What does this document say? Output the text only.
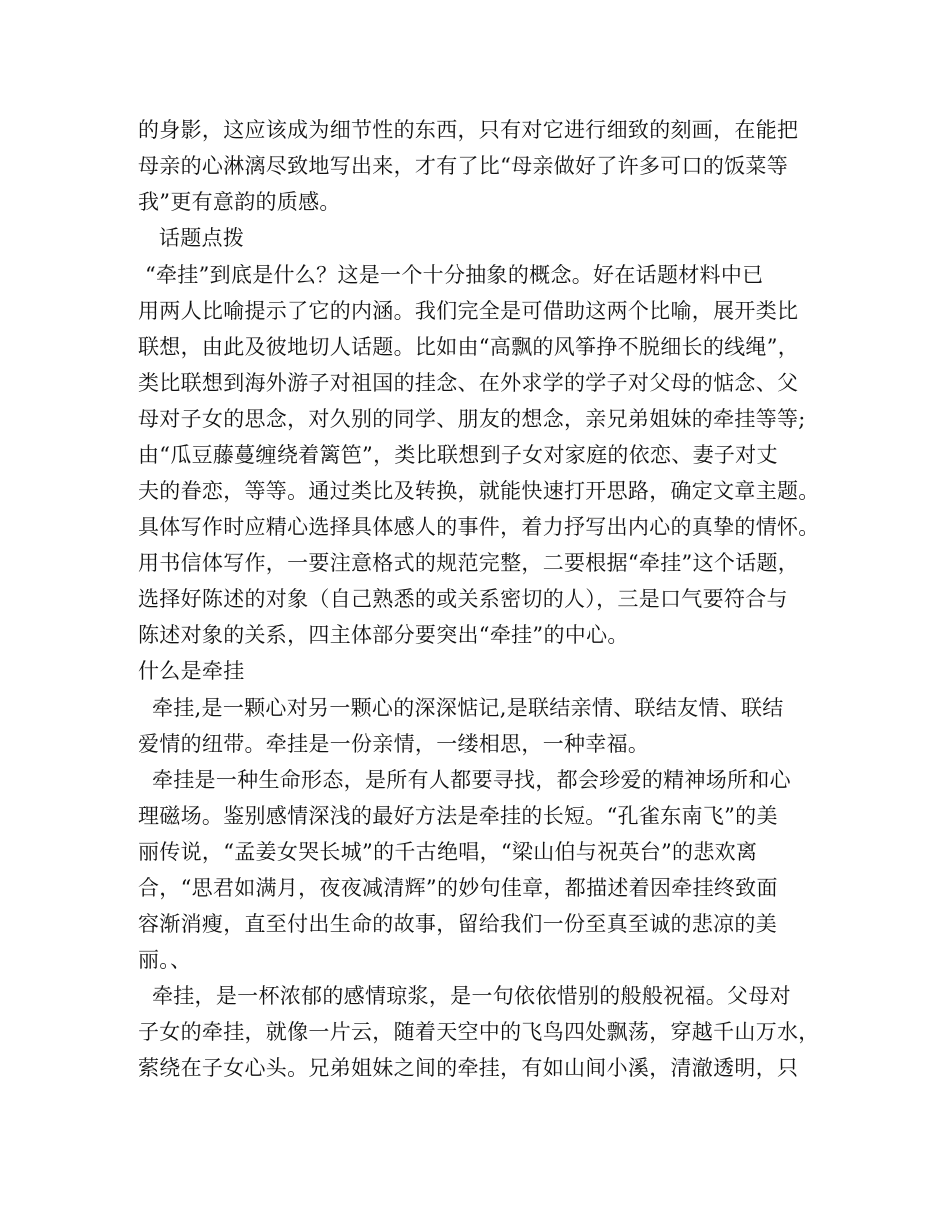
的身影，这应该成为细节性的东西，只有对它进行细致的刻画，在能把
母亲的心淋漓尽致地写出来，才有了比“母亲做好了许多可口的饭菜等
我”更有意韵的质感。
话题点拨
“牵挂”到底是什么？这是一个十分抽象的概念。好在话题材料中已
用两人比喻提示了它的内涵。我们完全是可借助这两个比喻，展开类比
联想，由此及彼地切人话题。比如由“高飘的风筝挣不脱细长的线绳”，
类比联想到海外游子对祖国的挂念、在外求学的学子对父母的惦念、父
母对子女的思念，对久别的同学、朋友的想念，亲兄弟姐妹的牵挂等等;
由“瓜豆藤蔓缠绕着篱笆”，类比联想到子女对家庭的依恋、妻子对丈
夫的眷恋，等等。通过类比及转换，就能快速打开思路，确定文章主题。
具体写作时应精心选择具体感人的事件，着力抒写出内心的真挚的情怀。
用书信体写作，一要注意格式的规范完整，二要根据“牵挂”这个话题，
选择好陈述的对象（自己熟悉的或关系密切的人），三是口气要符合与
陈述对象的关系，四主体部分要突出“牵挂”的中心。
什么是牵挂
牵挂,是一颗心对另一颗心的深深惦记,是联结亲情、联结友情、联结
爱情的纽带。牵挂是一份亲情，一缕相思，一种幸福。
牵挂是一种生命形态，是所有人都要寻找，都会珍爱的精神场所和心
理磁场。鉴别感情深浅的最好方法是牵挂的长短。“孔雀东南飞”的美
丽传说，“孟姜女哭长城”的千古绝唱，“梁山伯与祝英台”的悲欢离
合，“思君如满月，夜夜减清辉”的妙句佳章，都描述着因牵挂终致面
容渐消瘦，直至付出生命的故事，留给我们一份至真至诚的悲凉的美
丽。、
牵挂，是一杯浓郁的感情琼浆，是一句依依惜别的般般祝福。父母对
子女的牵挂，就像一片云，随着天空中的飞鸟四处飘荡，穿越千山万水，
萦绕在子女心头。兄弟姐妹之间的牵挂，有如山间小溪，清澈透明，只
